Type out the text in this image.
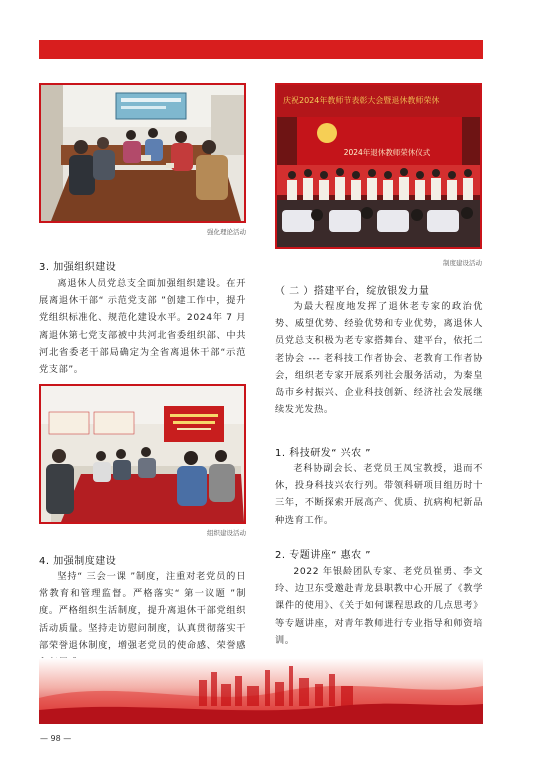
强化理论活动
3. 加强组织建设
离退休人员党总支全面加强组织建设。在开展离退休干部“ 示范党支部 ”创建工作中，提升党组织标准化、规范化建设水平。2024年 7 月离退休第七党支部被中共河北省委组织部、中共河北省委老干部局确定为全省离退休干部“示范党支部”。
组织建设活动
4. 加强制度建设
坚持“ 三会一课 ”制度，注重对老党员的日常教育和管理监督。严格落实“ 第一议题 ”制度。严格组织生活制度，提升离退休干部党组织活动质量。坚持走访慰问制度，认真贯彻落实干部荣誉退休制度，增强老党员的使命感、荣誉感
庆祝2024年教师节表彰大会暨退休教师荣休
2024年退休教师荣休仪式
制度建设活动
（ 二 ）搭建平台，绽放银发力量
为最大程度地发挥了退休老专家的政治优势、威望优势、经验优势和专业优势，离退休人员党总支积极为老专家搭舞台、建平台，依托二老协会 --- 老科技工作者协会、老教育工作者协会，组织老专家开展系列社会服务活动，为秦皇岛市乡村振兴、企业科技创新、经济社会发展继续发光发热。
1. 科技研发“ 兴农 ”
老科协副会长、老党员王凤宝教授，退而不休，投身科技兴农行列。带领科研项目组历时十三年，不断探索开展高产、优质、抗病枸杞新品种选育工作。
2. 专题讲座“ 惠农 ”
2022 年银龄团队专家、老党员崔勇、李文玲、边卫东受邀赴青龙县职教中心开展了《教学课件的使用》、《关于如何课程思政的几点思考》等专题讲座，对青年教师进行专业指导和师资培训。
— 98 —
